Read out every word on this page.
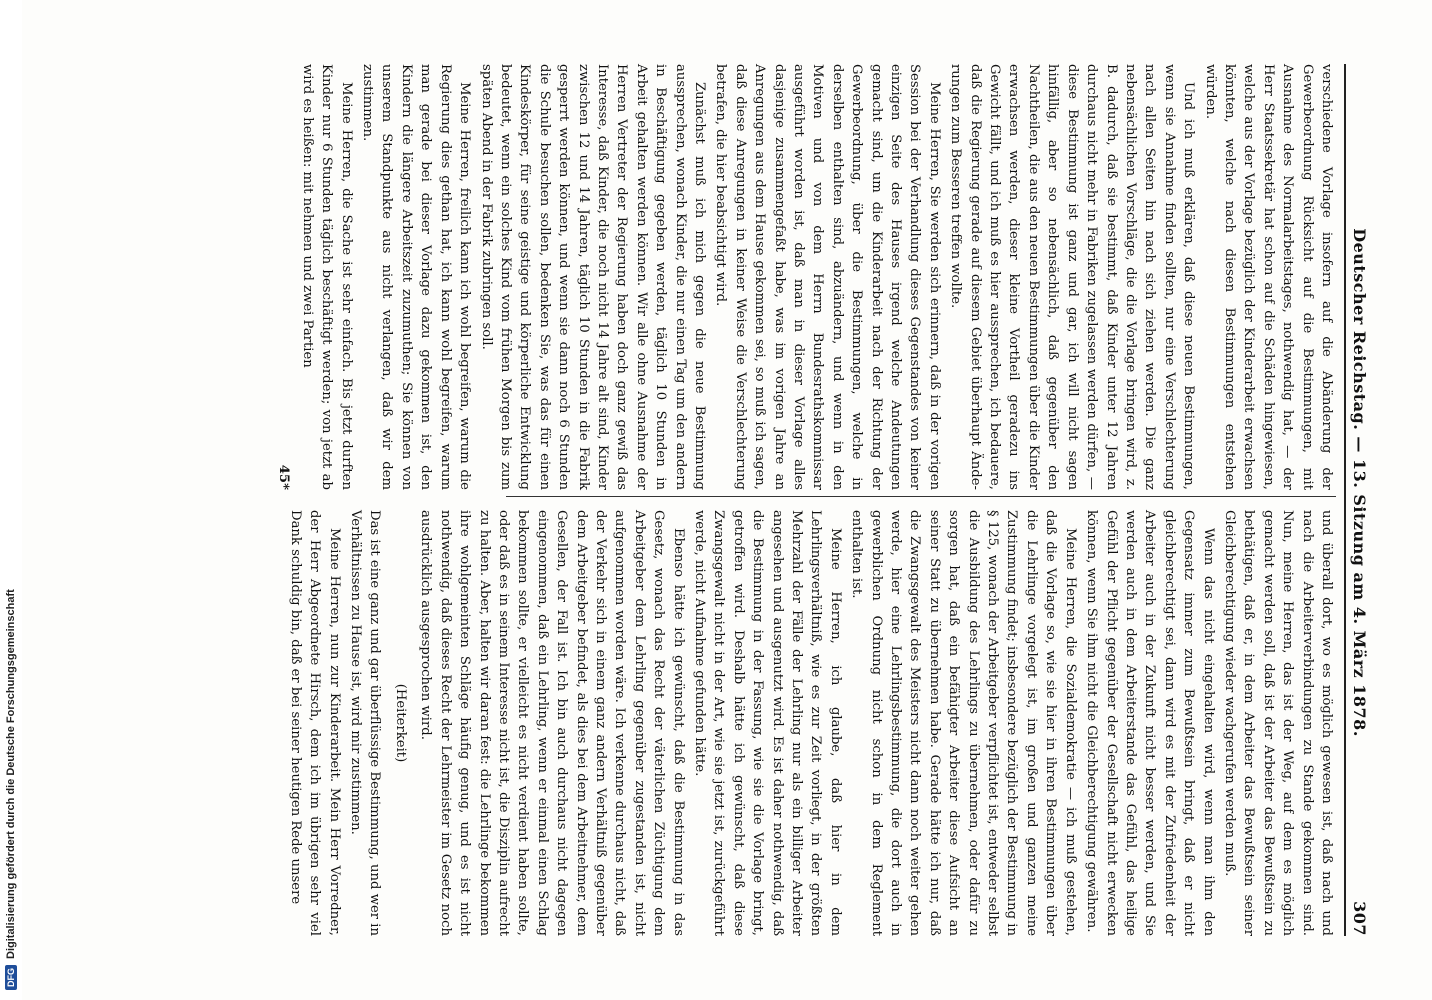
Deutscher Reichstag. — 13. Sitzung am 4. März 1878.
307

verschiedene Vorlage insofern auf die Abänderung der Gewerbeordnung Rücksicht auf die Bestimmungen, mit Ausnahme des Normalarbeitstages, nothwendig hat, — der Herr Staatssekretär hat schon auf die Schäden hingewiesen, welche aus der Vorlage bezüglich der Kinderarbeit erwachsen könnten, welche nach diesen Bestimmungen entstehen würden.

Und ich muß erklären, daß diese neuen Bestimmungen, wenn sie Annahme finden sollten, nur eine Verschlechterung nach allen Seiten hin nach sich ziehen werden. Die ganz nebensächlichen Vorschläge, die die Vorlage bringen wird, z. B. dadurch, daß sie bestimmt, daß Kinder unter 12 Jahren durchaus nicht mehr in Fabriken zugelassen werden dürfen, — diese Bestimmung ist ganz und gar, ich will nicht sagen hinfällig, aber so nebensächlich, daß gegenüber den Nachtheilen, die aus den neuen Bestimmungen über die Kinder erwachsen werden, dieser kleine Vortheil geradezu ins Gewicht fällt, und ich muß es hier aussprechen, ich bedauere, daß die Regierung gerade auf diesem Gebiet überhaupt Ände-rungen zum Besseren treffen wollte.

Meine Herren, Sie werden sich erinnern, daß in der vorigen Session bei der Verhandlung dieses Gegenstandes von keiner einzigen Seite des Hauses irgend welche Andeutungen gemacht sind, um die Kinderarbeit nach der Richtung der Gewerbeordnung, über die Bestimmungen, welche in derselben enthalten sind, abzuändern, und wenn in den Motiven und von dem Herrn Bundesrathskommissar ausgeführt worden ist, daß man in dieser Vorlage alles dasjenige zusammengefaßt habe, was im vorigen Jahre an Anregungen aus dem Hause gekommen sei, so muß ich sagen, daß diese Anregungen in keiner Weise die Verschlechterung betrafen, die hier beabsichtigt wird.

Zunächst muß ich mich gegen die neue Bestimmung aussprechen, wonach Kinder, die nur einen Tag um den andern in Beschäftigung gegeben werden, täglich 10 Stunden in Arbeit gehalten werden können. Wir alle ohne Ausnahme der Herren Vertreter der Regierung haben doch ganz gewiß das Interesse, daß Kinder, die noch nicht 14 Jahre alt sind, Kinder zwischen 12 und 14 Jahren, täglich 10 Stunden in die Fabrik gesperrt werden können, und wenn sie dann noch 6 Stunden die Schule besuchen sollen, bedenken Sie, was das für einen Kindeskörper, für seine geistige und körperliche Entwicklung bedeutet, wenn ein solches Kind vom frühen Morgen bis zum späten Abend in der Fabrik zubringen soll.

Meine Herren, freilich kann ich wohl begreifen, warum die Regierung dies gethan hat, ich kann wohl begreifen, warum man gerade bei dieser Vorlage dazu gekommen ist, den Kindern die längere Arbeitszeit zuzumuthen; Sie können von unserem Standpunkte aus nicht verlangen, daß wir dem zustimmen.

Meine Herren, die Sache ist sehr einfach. Bis jetzt durften Kinder nur 6 Stunden täglich beschäftigt werden; von jetzt ab wird es heißen: mit nehmen und zwei Partien

45*

und überall dort, wo es möglich gewesen ist, daß nach und nach die Arbeiterverbindungen zu Stande gekommen sind. Nun, meine Herren, das ist der Weg, auf dem es möglich gemacht werden soll, daß ist der Arbeiter das Bewußtsein zu bethätigen, daß er, in dem Arbeiter das Bewußtsein seiner Gleichberechtigung wieder wachgerufen werden muß.

Wenn das nicht eingehalten wird, wenn man ihm den Gegensatz immer zum Bewußtsein bringt, daß er nicht gleichberechtigt sei, dann wird es mit der Zufriedenheit der Arbeiter auch in der Zukunft nicht besser werden, und Sie werden auch in dem Arbeiterstande das Gefühl, das heilige Gefühl der Pflicht gegenüber der Gesellschaft nicht erwecken können, wenn Sie ihm nicht die Gleichberechtigung gewähren.

Meine Herren, die Sozialdemokratie — ich muß gestehen, daß die Vorlage so, wie sie hier in ihren Bestimmungen über die Lehrlinge vorgelegt ist, im großen und ganzen meine Zustimmung findet; insbesondere bezüglich der Bestimmung in § 125, wonach der Arbeitgeber verpflichtet ist, entweder selbst die Ausbildung des Lehrlings zu übernehmen, oder dafür zu sorgen hat, daß ein befähigter Arbeiter diese Aufsicht an seiner Statt zu übernehmen habe. Gerade hätte ich nur, daß die Zwangsgewalt des Meisters nicht dann noch weiter gehen werde, hier eine Lehrlingsbestimmung, die dort auch in gewerblichen Ordnung nicht schon in dem Reglement enthalten ist.

Meine Herren, ich glaube, daß hier in dem Lehrlingsverhältniß, wie es zur Zeit vorliegt, in der größten Mehrzahl der Fälle der Lehrling nur als ein billiger Arbeiter angesehen und ausgenutzt wird. Es ist daher nothwendig, daß die Bestimmung in der Fassung, wie sie die Vorlage bringt, getroffen wird. Deshalb hätte ich gewünscht, daß diese Zwangsgewalt nicht in der Art, wie sie jetzt ist, zurückgeführt werde, nicht Aufnahme gefunden hätte.

Ebenso hätte ich gewünscht, daß die Bestimmung in das Gesetz, wonach das Recht der väterlichen Züchtigung dem Arbeitgeber dem Lehrling gegenüber zugestanden ist, nicht aufgenommen worden wäre. Ich verkenne durchaus nicht, daß der Verkehr sich in einem ganz andern Verhältniß gegenüber dem Arbeitgeber befindet, als dies bei dem Arbeitnehmer, dem Gesellen, der Fall ist. Ich bin auch durchaus nicht dagegen eingenommen, daß ein Lehrling, wenn er einmal einen Schlag bekommen sollte, er vielleicht es nicht verdient haben sollte, oder daß es in seinem Interesse nicht ist, die Disziplin aufrecht zu halten. Aber, halten wir daran fest: die Lehrlinge bekommen ihre wohlgemeinten Schläge häufig genug, und es ist nicht nothwendig, daß dieses Recht der Lehrmeister im Gesetz noch ausdrücklich ausgesprochen wird.

(Heiterkeit)

Das ist eine ganz und gar überflüssige Bestimmung, und wer in Verhältnissen zu Hause ist, wird mir zustimmen.

Meine Herren, nun zur Kinderarbeit. Mein Herr Vorredner, der Herr Abgeordnete Hirsch, dem ich im übrigen sehr viel Dank schuldig bin, daß er bei seiner heutigen Rede unsere

DFG
Digitalisierung gefördert durch die Deutsche Forschungsgemeinschaft
